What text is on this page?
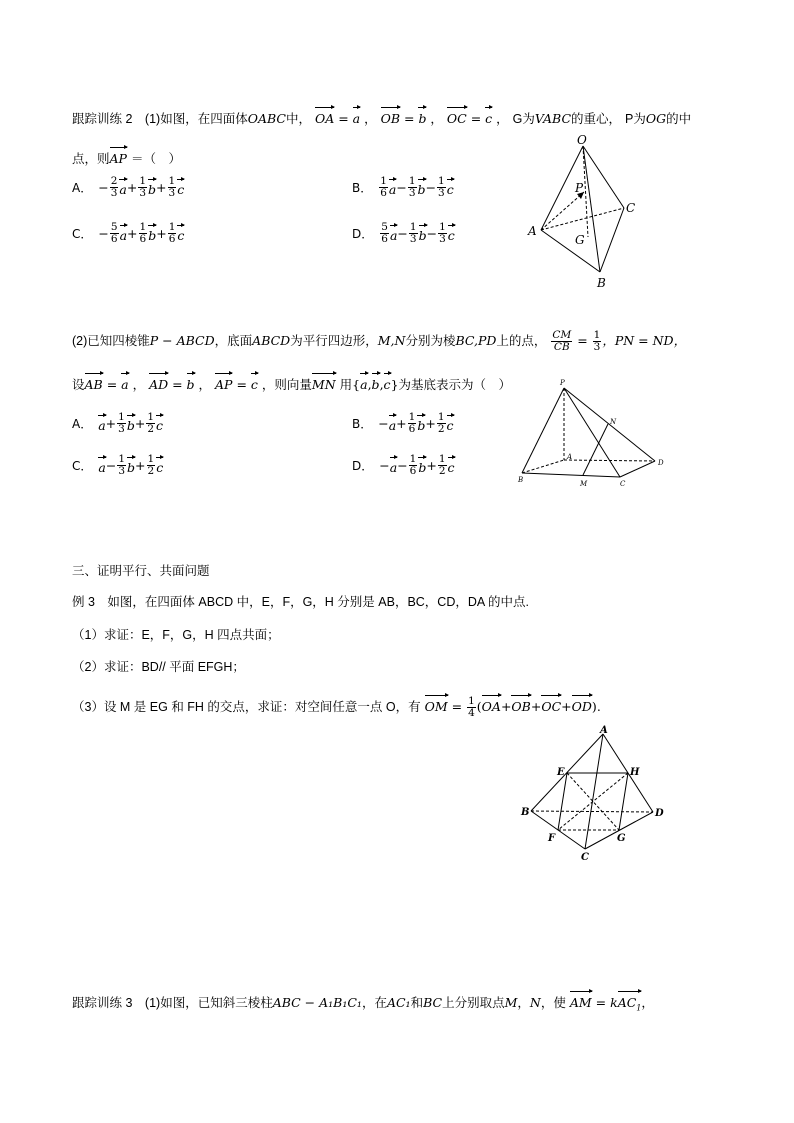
跟踪训练 2　(1)如图，在四面体OABC中， OA = a ， OB = b ， OC = c ， G为VABC的重心， P为OG的中
点，则AP ＝（　）
A． − $\frac{2}{3}$ $a + \frac{1}{3}$ $b + \frac{1}{3}$ c	B． $\frac{1}{6}$ $a - \frac{1}{3}$ $b - \frac{1}{3}$ c
C． − $\frac{5}{6}$ $a + \frac{1}{6}$ $b + \frac{1}{6}$ c	D． $\frac{5}{6}$ $a - \frac{1}{3}$ $b - \frac{1}{3}$ c
O
A
B
C
P
G
(2)已知四棱锥P − ABCD，底面ABCD为平行四边形，M,N分别为棱BC,PD上的点， $\frac{CM}{CB} = \frac{1}{3}$ ，PN = ND，
设AB = a ， AD = b ， AP = c ，则向量MN 用{a,b,c}为基底表示为（　）
A． $a + \frac{1}{3}$ $b + \frac{1}{2}$ c	B． − $a + \frac{1}{6}$ $b + \frac{1}{2}$ c
C． $a - \frac{1}{3}$ $b + \frac{1}{2}$ c	D． − $a - \frac{1}{6}$ $b + \frac{1}{2}$ c
P
N
A
B	M	C
D
三、证明平行、共面问题
例 3　如图，在四面体 ABCD 中，E，F，G，H 分别是 AB，BC，CD，DA 的中点.
（1）求证：E，F，G，H 四点共面；
（2）求证：BD// 平面 EFGH；
（3）设 M 是 EG 和 FH 的交点，求证：对空间任意一点 O，有 OM = $\frac{1}{4} (OA+OB+OC+OD)$.
A
E	H
B	D
F	G
C
跟踪训练 3　(1)如图，已知斜三棱柱ABC − A₁B₁C₁，在AC₁和BC上分别取点M，N，使 AM = kAC$_1$，
